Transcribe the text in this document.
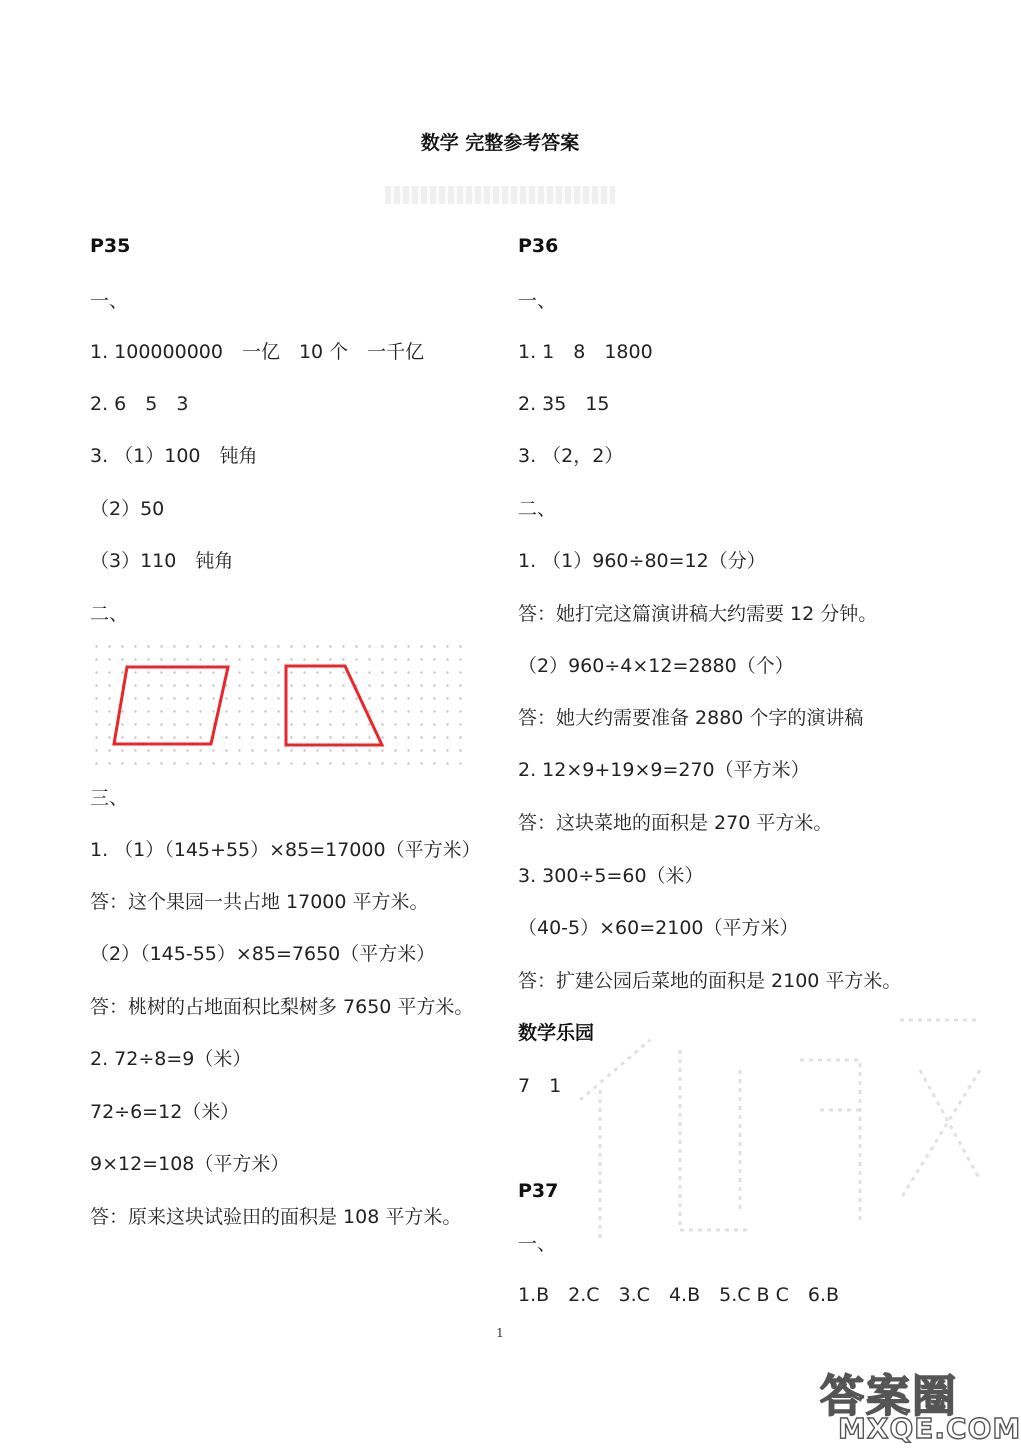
数学 完整参考答案
P35
一、
1. 100000000　一亿　10 个　一千亿
2. 6　5　3
3. （1）100　钝角
（2）50
（3）110　钝角
二、
三、
1. （1）（145+55）×85=17000（平方米）
答：这个果园一共占地 17000 平方米。
（2）（145-55）×85=7650（平方米）
答：桃树的占地面积比梨树多 7650 平方米。
2. 72÷8=9（米）
72÷6=12（米）
9×12=108（平方米）
答：原来这块试验田的面积是 108 平方米。
P36
一、
1. 1　8　1800
2. 35　15
3. （2，2）
二、
1. （1）960÷80=12（分）
答：她打完这篇演讲稿大约需要 12 分钟。
（2）960÷4×12=2880（个）
答：她大约需要准备 2880 个字的演讲稿
2. 12×9+19×9=270（平方米）
答：这块菜地的面积是 270 平方米。
3. 300÷5=60（米）
（40-5）×60=2100（平方米）
答：扩建公园后菜地的面积是 2100 平方米。
数学乐园
7　1
P37
一、
1.B　2.C　3.C　4.B　5.C B C　6.B
1
答案圈
MXQE.COM
